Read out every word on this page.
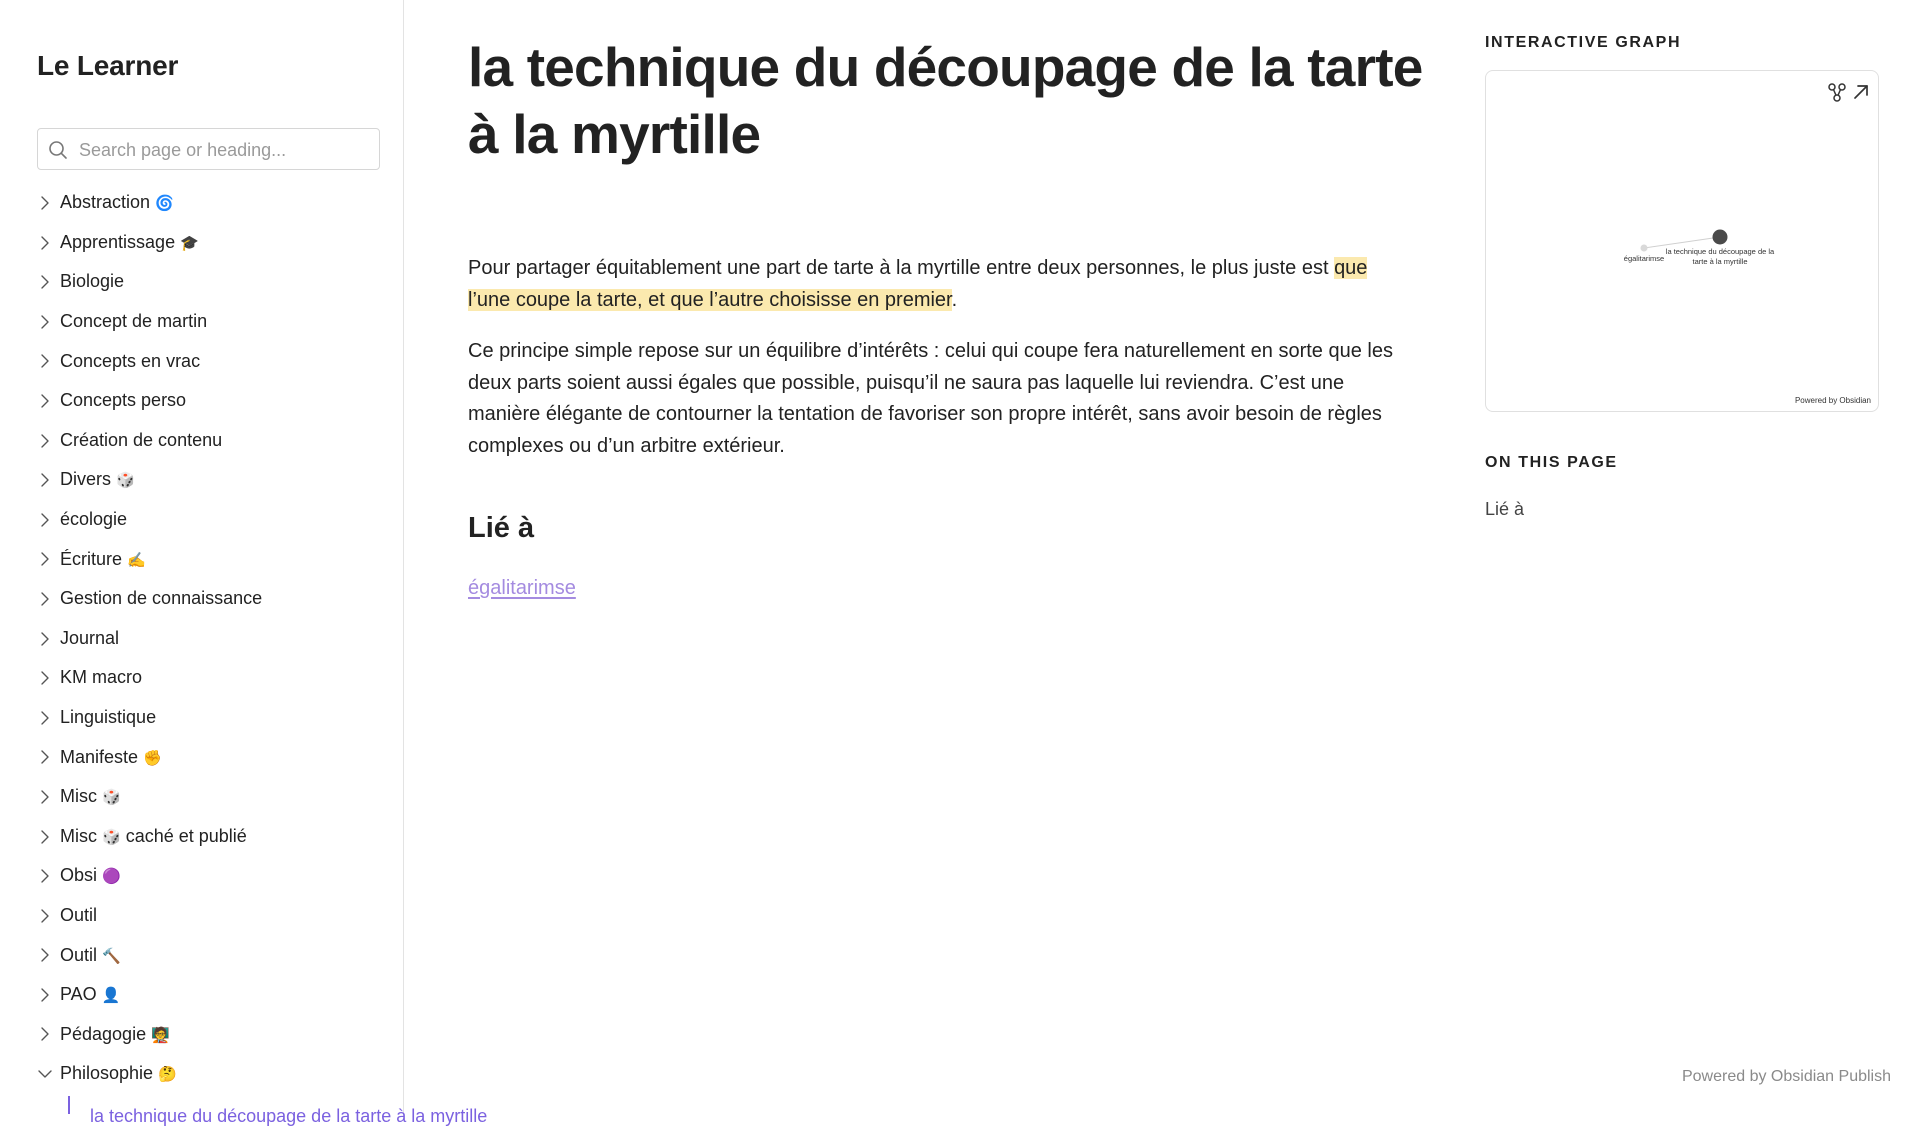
Le Learner
Search page or heading...
Abstraction 🌀
Apprentissage 🎓
Biologie
Concept de martin
Concepts en vrac
Concepts perso
Création de contenu
Divers 🎲
écologie
Écriture ✍️
Gestion de connaissance
Journal
KM macro
Linguistique
Manifeste ✊
Misc 🎲
Misc 🎲 caché et publié
Obsi 🟣
Outil
Outil 🔨
PAO 👤
Pédagogie 🧑‍🏫
Philosophie 🤔
la technique du découpage de la tarte à la myrtille
la technique du découpage de la tarte à la myrtille

Pour partager équitablement une part de tarte à la myrtille entre deux personnes, le plus juste est que l’une coupe la tarte, et que l’autre choisisse en premier.

Ce principe simple repose sur un équilibre d’intérêts : celui qui coupe fera naturellement en sorte que les deux parts soient aussi égales que possible, puisqu’il ne saura pas laquelle lui reviendra. C’est une manière élégante de contourner la tentation de favoriser son propre intérêt, sans avoir besoin de règles complexes ou d’un arbitre extérieur.

Lié à
égalitarimse
INTERACTIVE GRAPH
égalitarimse
la technique du découpage de la
tarte à la myrtille
Powered by Obsidian
ON THIS PAGE
Lié à
Powered by Obsidian Publish
